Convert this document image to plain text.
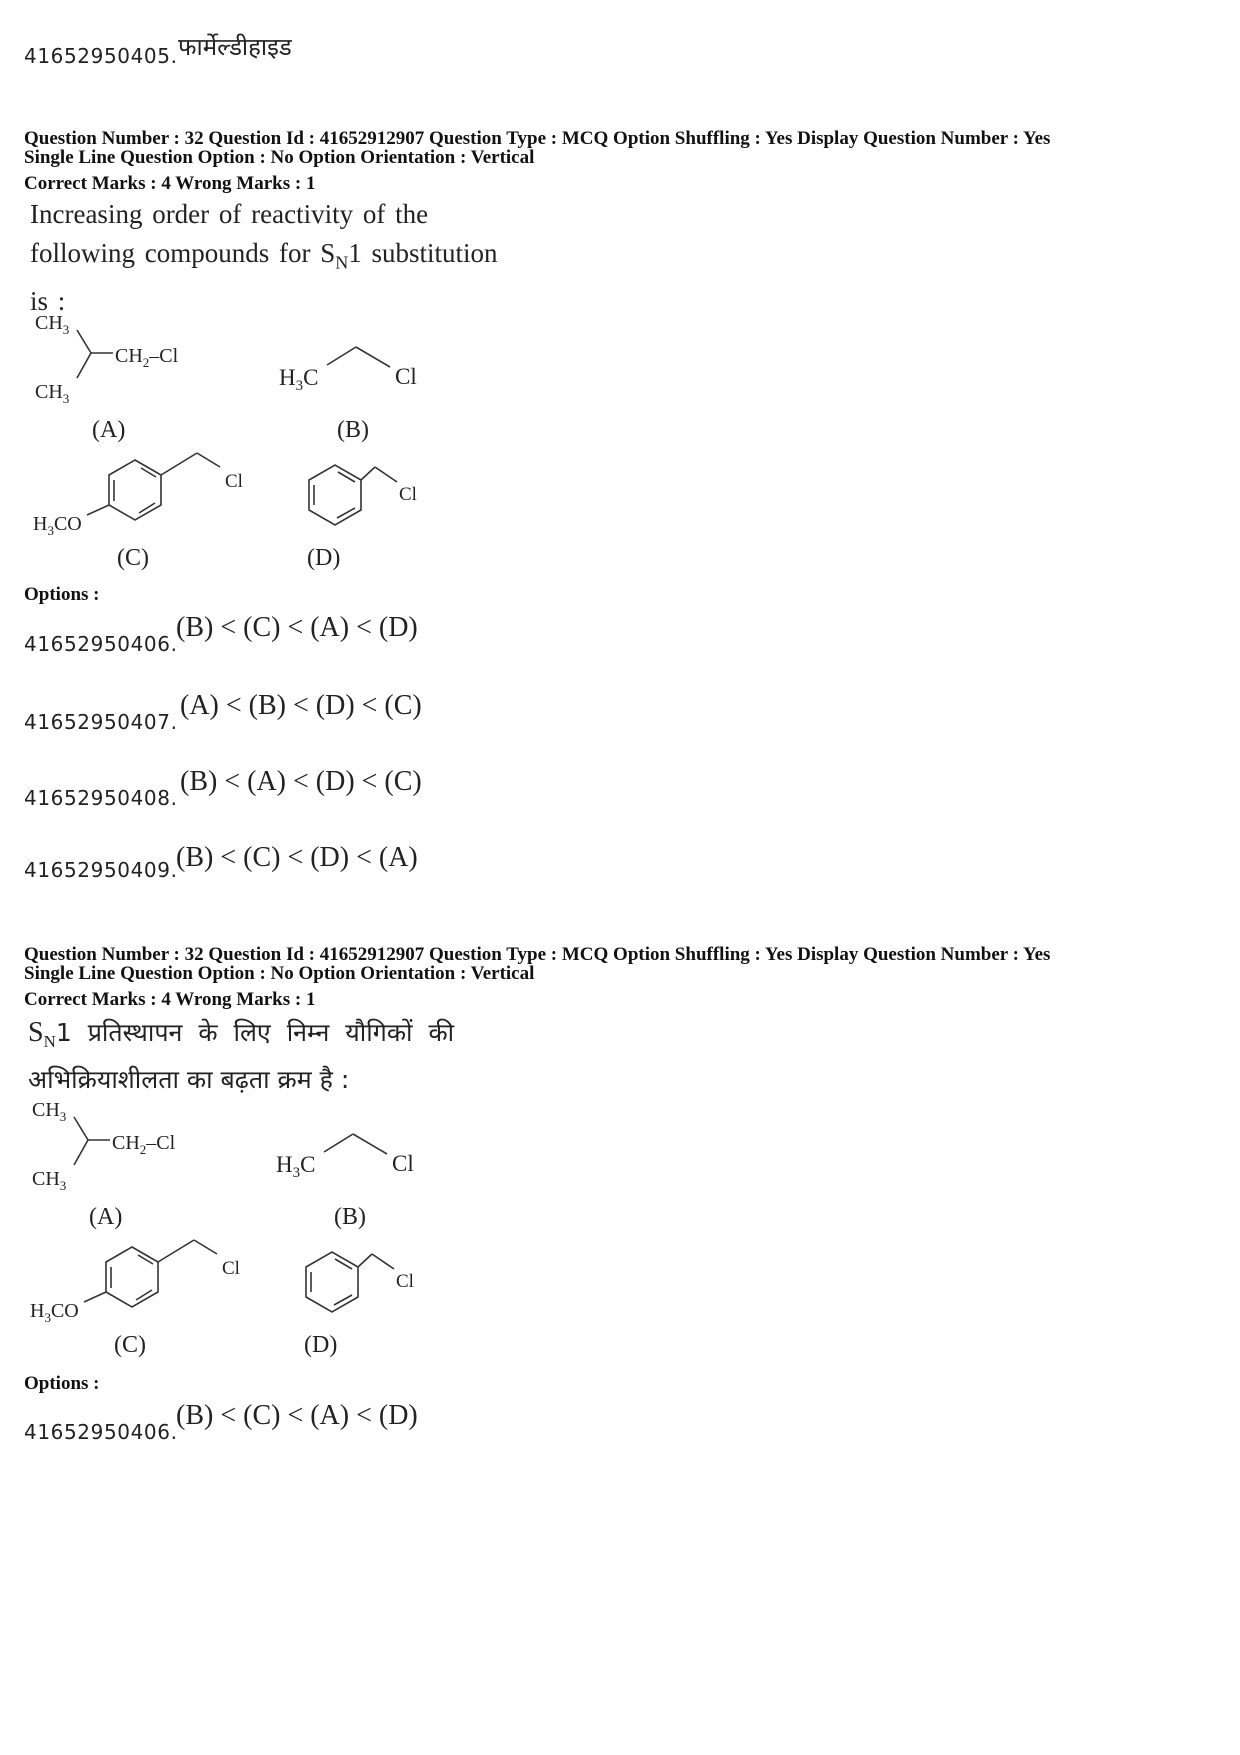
41652950405. फार्मेल्डीहाइड
Question Number : 32 Question Id : 41652912907 Question Type : MCQ Option Shuffling : Yes Display Question Number : Yes
Single Line Question Option : No Option Orientation : Vertical
Correct Marks : 4 Wrong Marks : 1
Increasing order of reactivity of the
following compounds for $S_N1$ substitution
is :
$CH_3$
$CH_3$
$CH_2-Cl$
(A)
$H_3C$	Cl
(B)
Cl
$H_3CO$
(C)
Cl
(D)
Options :
41652950406.
(B) < (C) < (A) < (D)
41652950407.
(A) < (B) < (D) < (C)
41652950408.
(B) < (A) < (D) < (C)
41652950409.
(B) < (C) < (D) < (A)
Question Number : 32 Question Id : 41652912907 Question Type : MCQ Option Shuffling : Yes Display Question Number : Yes
Single Line Question Option : No Option Orientation : Vertical
Correct Marks : 4 Wrong Marks : 1
$S_N1$ प्रतिस्थापन के लिए निम्न यौगिकों की
अभिक्रियाशीलता का बढ़ता क्रम है :
$CH_3$
$CH_3$
$CH_2-Cl$
(A)
$H_3C$	Cl
(B)
Cl
$H_3CO$
(C)
Cl
(D)
Options :
41652950406.
(B) < (C) < (A) < (D)
